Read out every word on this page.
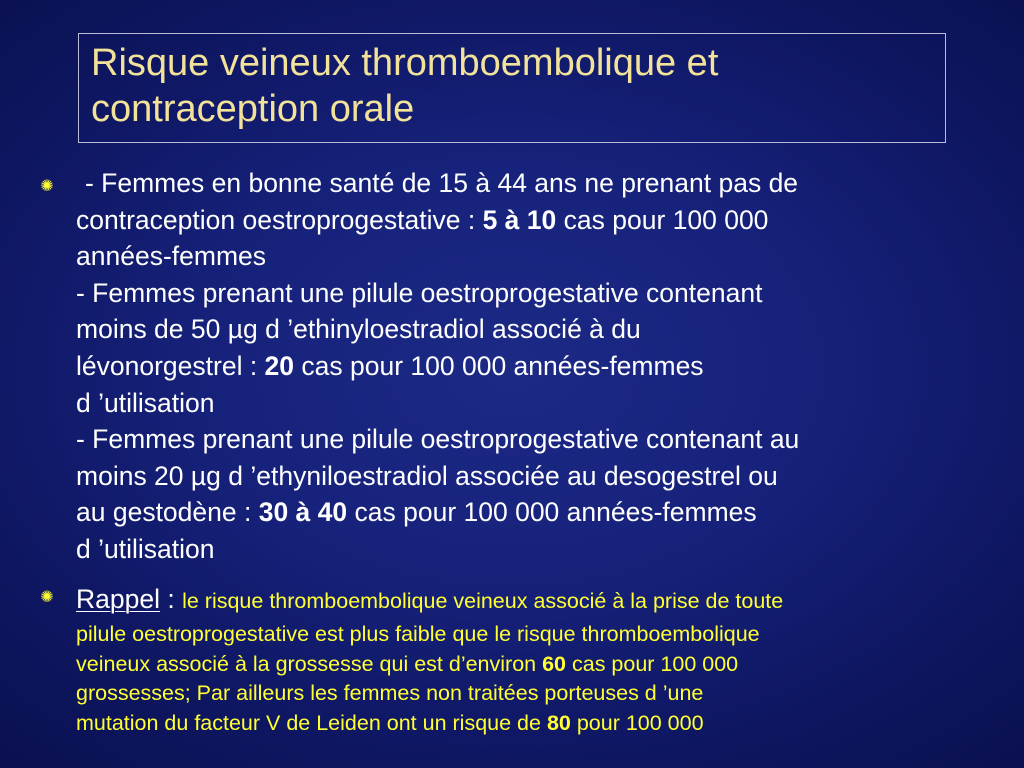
Risque veineux thromboembolique et contraception orale
✺	- Femmes en bonne santé de 15 à 44 ans ne prenant pas de
contraception oestroprogestative : 5 à 10 cas pour 100 000
années-femmes
- Femmes prenant une pilule oestroprogestative contenant
moins de 50 µg d ’ethinyloestradiol associé à du
lévonorgestrel : 20 cas pour 100 000 années-femmes
d ’utilisation
- Femmes prenant une pilule oestroprogestative contenant au
moins 20 µg d ’ethyniloestradiol associée au desogestrel ou
au gestodène : 30 à 40 cas pour 100 000 années-femmes
d ’utilisation
✺ Rappel : le risque thromboembolique veineux associé à la prise de toute
pilule oestroprogestative est plus faible que le risque thromboembolique
veineux associé à la grossesse qui est d’environ 60 cas pour 100 000
grossesses; Par ailleurs les femmes non traitées porteuses d ’une
mutation du facteur V de Leiden ont un risque de 80 pour 100 000
